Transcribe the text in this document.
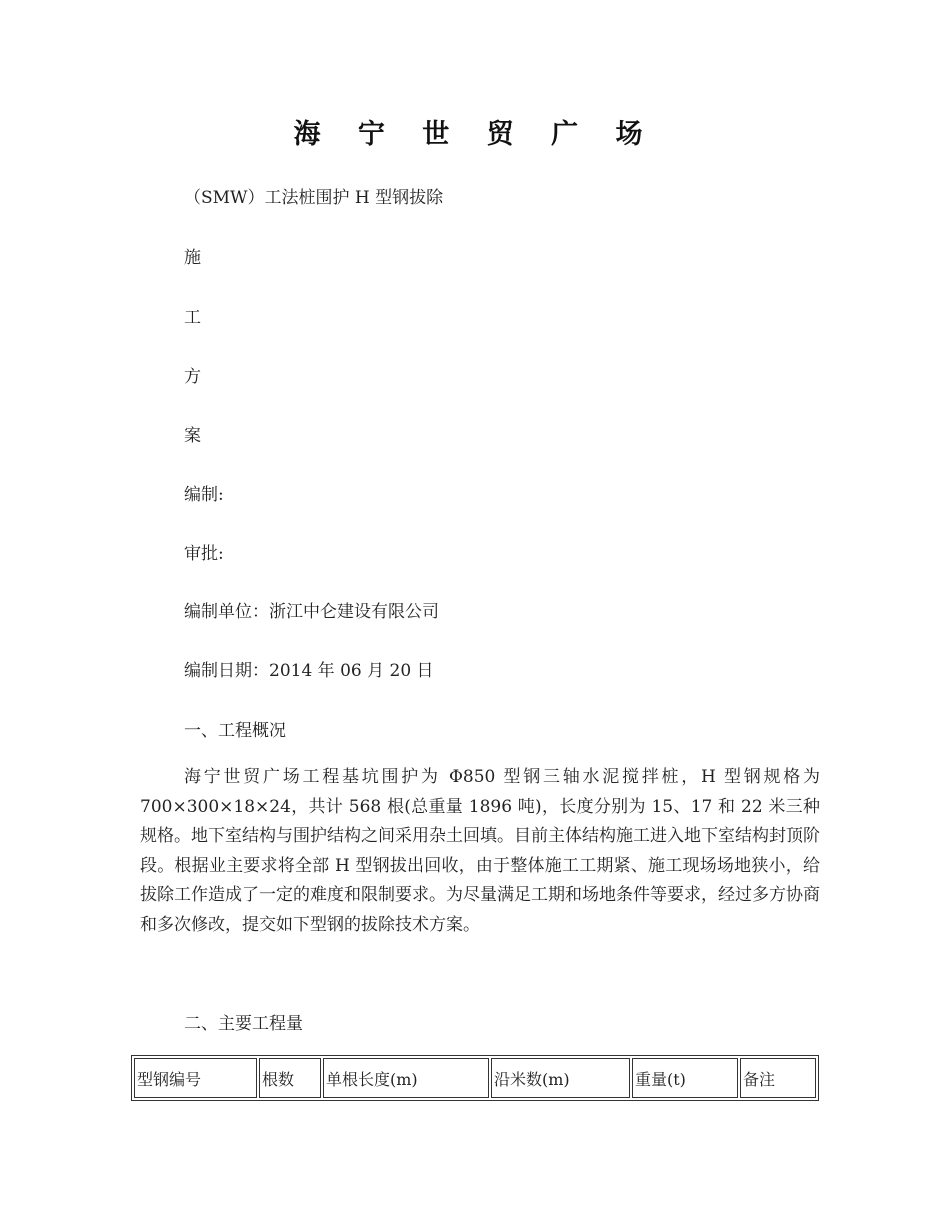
海 宁 世 贸 广 场
（SMW）工法桩围护 H 型钢拔除
施
工
方
案
编制:
审批:
编制单位：浙江中仑建设有限公司
编制日期：2014 年 06 月 20 日
一、工程概况
海宁世贸广场工程基坑围护为 Φ850 型钢三轴水泥搅拌桩，H 型钢规格为 700×300×18×24，共计 568 根(总重量 1896 吨)，长度分别为 15、17 和 22 米三种规格。地下室结构与围护结构之间采用杂土回填。目前主体结构施工进入地下室结构封顶阶段。根据业主要求将全部 H 型钢拔出回收，由于整体施工工期紧、施工现场场地狭小，给拔除工作造成了一定的难度和限制要求。为尽量满足工期和场地条件等要求，经过多方协商和多次修改，提交如下型钢的拔除技术方案。
二、主要工程量
型钢编号	根数	单根长度(m)	沿米数(m)	重量(t)	备注
